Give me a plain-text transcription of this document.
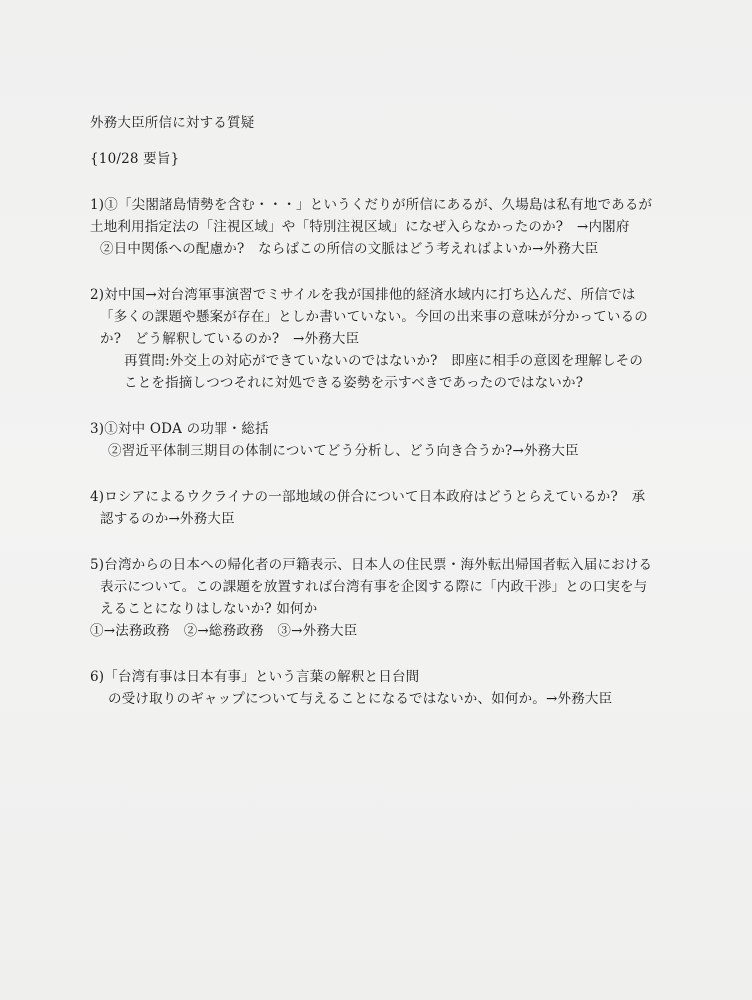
外務大臣所信に対する質疑
{10/28 要旨}
1)①「尖閣諸島情勢を含む・・・」というくだりが所信にあるが、久場島は私有地であるが
土地利用指定法の「注視区域」や「特別注視区域」になぜ入らなかったのか?　→内閣府
②日中関係への配慮か?　ならばこの所信の文脈はどう考えればよいか→外務大臣
2)対中国→対台湾軍事演習でミサイルを我が国排他的経済水域内に打ち込んだ、所信では
「多くの課題や懸案が存在」としか書いていない。今回の出来事の意味が分かっているの
か?　どう解釈しているのか?　→外務大臣
再質問:外交上の対応ができていないのではないか?　即座に相手の意図を理解しその
ことを指摘しつつそれに対処できる姿勢を示すべきであったのではないか?
3)①対中 ODA の功罪・総括
②習近平体制三期目の体制についてどう分析し、どう向き合うか?→外務大臣
4)ロシアによるウクライナの一部地域の併合について日本政府はどうとらえているか?　承
認するのか→外務大臣
5)台湾からの日本への帰化者の戸籍表示、日本人の住民票・海外転出帰国者転入届における
表示について。この課題を放置すれば台湾有事を企図する際に「内政干渉」との口実を与
えることになりはしないか? 如何か
①→法務政務　②→総務政務　③→外務大臣
6)「台湾有事は日本有事」という言葉の解釈と日台間
の受け取りのギャップについて与えることになるではないか、如何か。→外務大臣
